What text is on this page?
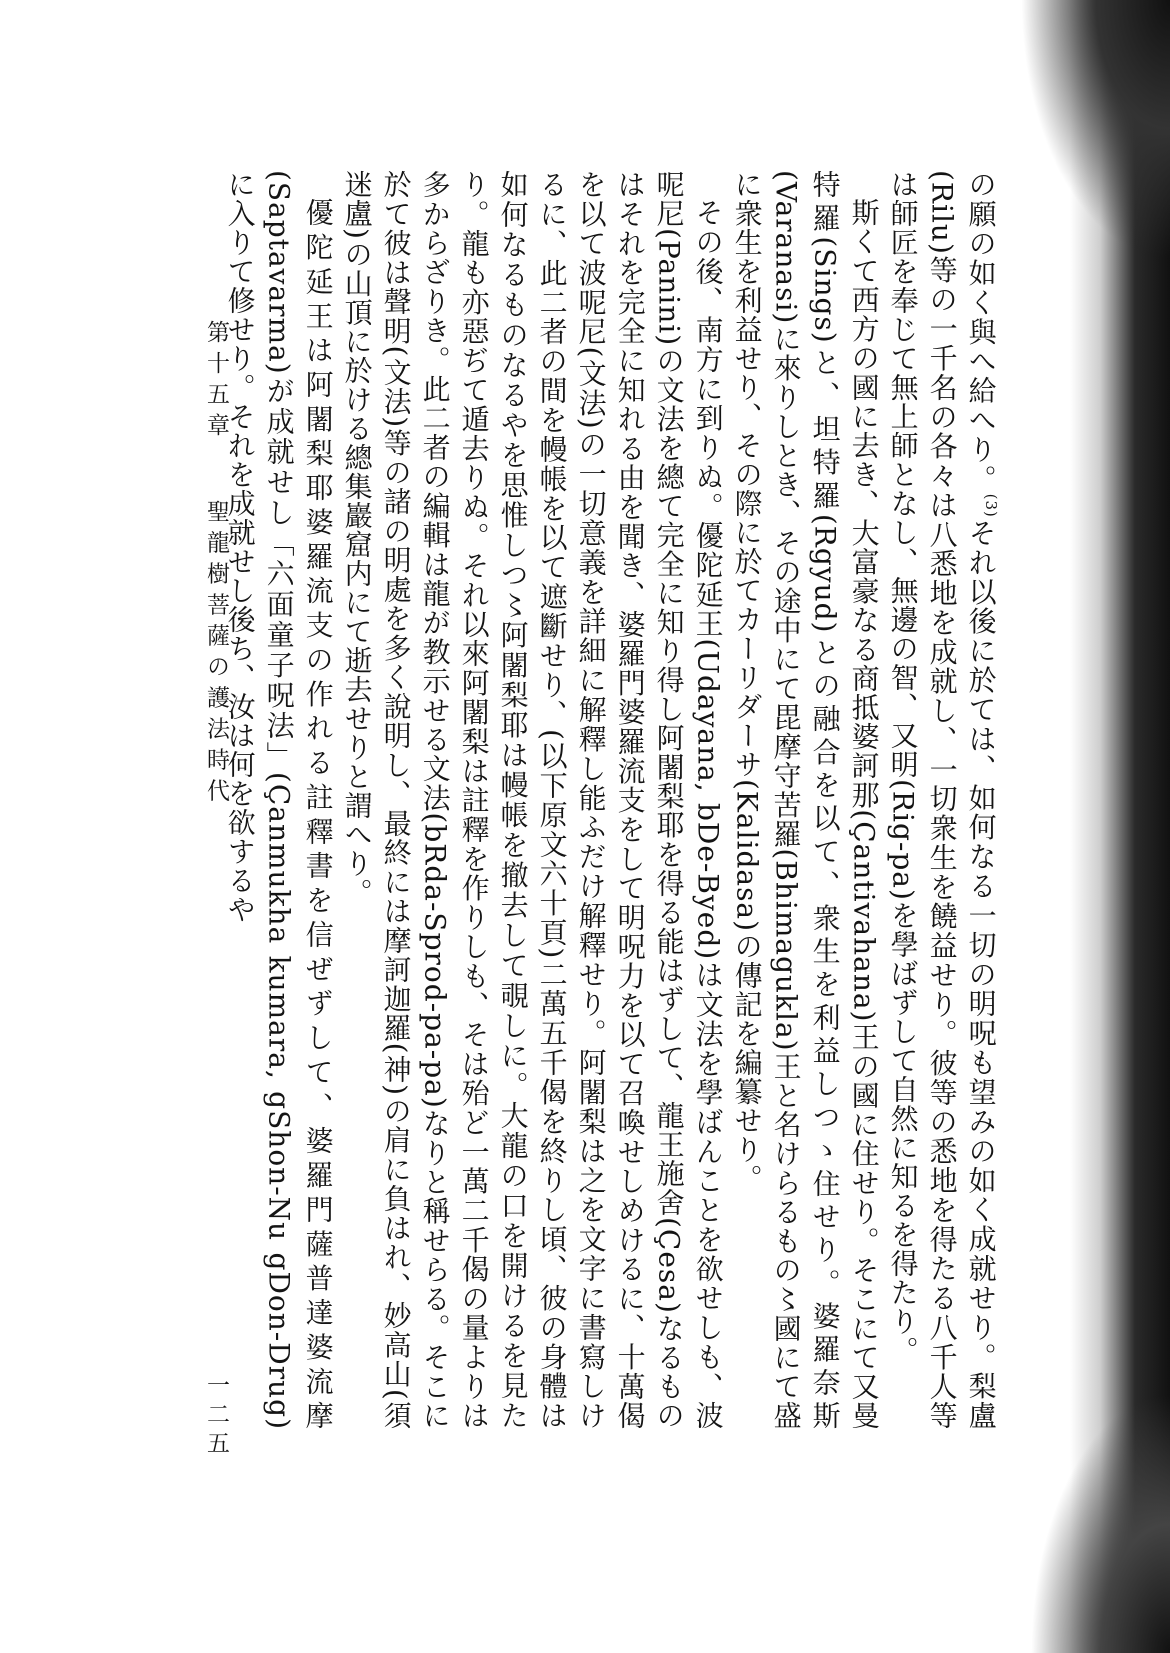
の願の如く與へ給へり。$^{(3)}$それ以後に於ては、如何なる一切の明呪も望みの如く成就せり。梨盧(Rilu)等の一千名の各々は八悉地を成就し、一切衆生を饒益せり。彼等の悉地を得たる八千人等は師匠を奉じて無上師となし、無邊の智、又明(Rig-pa)を學ばずして自然に知るを得たり。

斯くて西方の國に去き、大富豪なる商抵婆訶那(Çantivahana)王の國に住せり。そこにて又曼特羅(Sings)と、坦特羅(Rgyud)との融合を以て、衆生を利益しつゝ住せり。婆羅奈斯(Varanasi)に來りしとき、その途中にて毘摩守苦羅(Bhimagukla)王と名けらるもの〻國にて盛に衆生を利益せり、その際に於てカーリダーサ(Kalidasa)の傳記を編纂せり。

その後、南方に到りぬ。優陀延王(Udayana, bDe-Byed)は文法を學ばんことを欲せしも、波呢尼(Panini)の文法を總て完全に知り得し阿闍梨耶を得る能はずして、龍王施舍(Çesa)なるものはそれを完全に知れる由を聞き、婆羅門婆羅流支をして明呪力を以て召喚せしめけるに、十萬偈を以て波呢尼(文法)の一切意義を詳細に解釋し能ふだけ解釋せり。阿闍梨は之を文字に書寫しけるに、此二者の間を幔帳を以て遮斷せり、(以下原文六十頁)二萬五千偈を終りし頃、彼の身體は如何なるものなるやを思惟しつ〻阿闍梨耶は幔帳を撤去して覗しに。大龍の口を開けるを見たり。龍も亦惡ぢて遁去りぬ。それ以來阿闍梨は註釋を作りしも、そは殆ど一萬二千偈の量よりは多からざりき。此二者の編輯は龍が教示せる文法(bRda-Sprod-pa-pa)なりと稱せらる。そこに於て彼は聲明(文法)等の諸の明處を多く說明し、最終には摩訶迦羅(神)の肩に負はれ、妙高山(須迷盧)の山頂に於ける總集巖窟内にて逝去せりと謂へり。

優陀延王は阿闍梨耶婆羅流支の作れる註釋書を信ぜずして、婆羅門薩普達婆流摩(Saptavarma)が成就せし「六面童子呪法」(Çanmukha kumara, gShon-Nu gDon-Drug)に入りて修せり。それを成就せし後ち、汝は何を欲するや

第十五章 聖龍樹菩薩の護法時代
一二五
